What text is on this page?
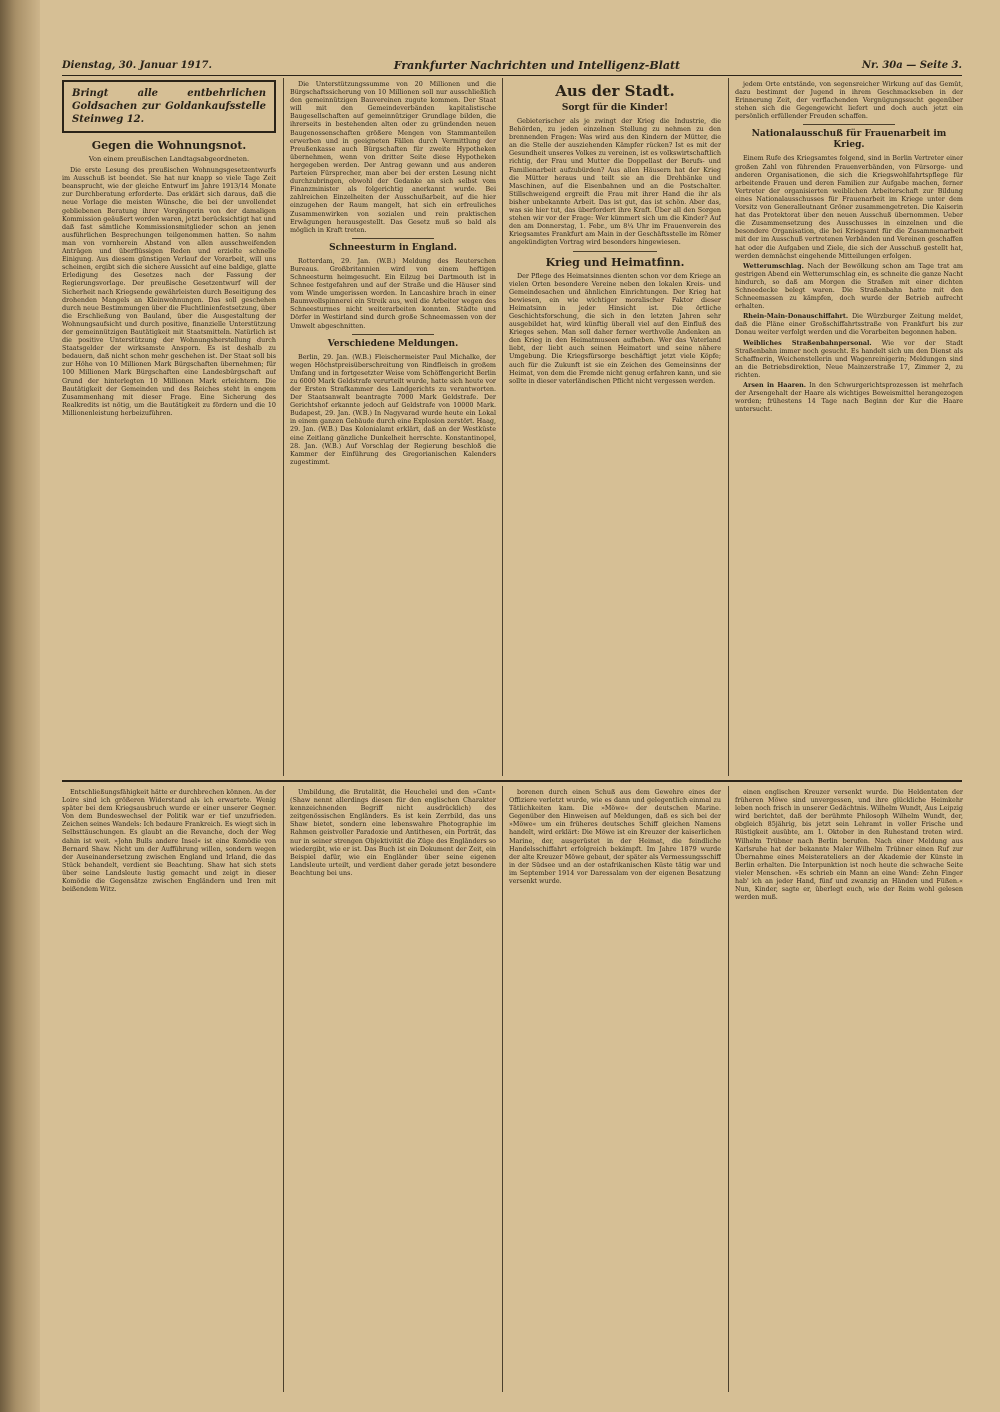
Dienstag, 30. Januar 1917.	Frankfurter Nachrichten und Intelligenz-Blatt	Nr. 30a — Seite 3.
Bringt alle entbehrlichen Goldsachen zur Goldankaufsstelle Steinweg 12.
Gegen die Wohnungsnot.
Von einem preußischen Landtagsabgeordneten.

Die erste Lesung des preußischen Wohnungsgesetzentwurfs im Ausschuß ist beendet. Sie hat nur knapp so viele Tage Zeit beansprucht, wie der gleiche Entwurf im Jahre 1913/14 Monate zur Durchberatung erforderte. Das erklärt sich daraus, daß die neue Vorlage die meisten Wünsche, die bei der unvollendet gebliebenen Beratung ihrer Vorgängerin von der damaligen Kommission geäußert worden waren, jetzt berücksichtigt hat und daß fast sämtliche Kommissionsmitglieder schon an jenen ausführlichen Besprechungen teilgenommen hatten. So nahm man von vornherein Abstand von allen ausschweifenden Anträgen und überflüssigen Reden und erzielte schnelle Einigung. Aus diesem günstigen Verlauf der Vorarbeit, will uns scheinen, ergibt sich die sichere Aussicht auf eine baldige, glatte Erledigung des Gesetzes nach der Fassung der Regierungsvorlage. Der preußische Gesetzentwurf will der Sicherheit nach Kriegsende gewährleisten durch Beseitigung des drohenden Mangels an Kleinwohnungen. Das soll geschehen durch neue Bestimmungen über die Fluchtlinienfestsetzung, über die Erschließung von Bauland, über die Ausgestaltung der Wohnungsaufsicht und durch positive, finanzielle Unterstützung der gemeinnützigen Bautätigkeit mit Staatsmitteln. Natürlich ist die positive Unterstützung der Wohnungsherstellung durch Staatsgelder der wirksamste Ansporn. Es ist deshalb zu bedauern, daß nicht schon mehr geschehen ist. Der Staat soll bis zur Höhe von 10 Millionen Mark Bürgschaften übernehmen; für 100 Millionen Mark Bürgschaften eine Landesbürgschaft auf Grund der hinterlegten 10 Millionen Mark erleichtern. Die Bautätigkeit der Gemeinden und des Reiches steht in engem Zusammenhang mit dieser Frage. Eine Sicherung des Realkredits ist nötig, um die Bautätigkeit zu fördern und die 10 Millionenleistung herbeizuführen.

Die Unterstützungssumme von 20 Millionen und die Bürgschaftssicherung von 10 Millionen soll nur ausschließlich den gemeinnützigen Bauvereinen zugute kommen. Der Staat will mit den Gemeindeverbänden kapitalistische Baugesellschaften auf gemeinnütziger Grundlage bilden, die ihrerseits in bestehenden alten oder zu gründenden neuen Baugenossenschaften größere Mengen von Stammanteilen erwerben und in geeigneten Fällen durch Vermittlung der Preußenkasse auch Bürgschaften für zweite Hypotheken übernehmen, wenn von dritter Seite diese Hypotheken hergegeben werden. Der Antrag gewann und aus anderen Parteien Fürsprecher, man aber bei der ersten Lesung nicht durchzubringen, obwohl der Gedanke an sich selbst vom Finanzminister als folgerichtig anerkannt wurde. Bei zahlreichen Einzelheiten der Ausschußarbeit, auf die hier einzugehen der Raum mangelt, hat sich ein erfreuliches Zusammenwirken von sozialen und rein praktischen Erwägungen herausgestellt. Das Gesetz muß so bald als möglich in Kraft treten.

Schneesturm in England.

Rotterdam, 29. Jan. (W.B.) Meldung des Reuterschen Bureaus. Großbritannien wird von einem heftigen Schneesturm heimgesucht. Ein Eilzug bei Dartmouth ist in Schnee festgefahren und auf der Straße und die Häuser sind vom Winde umgerissen worden. In Lancashire brach in einer Baumwollspinnerei ein Streik aus, weil die Arbeiter wegen des Schneesturmes nicht weiterarbeiten konnten. Städte und Dörfer in Westirland sind durch große Schneemassen von der Umwelt abgeschnitten.

Verschiedene Meldungen.

Berlin, 29. Jan. (W.B.) Fleischermeister Paul Michalke, der wegen Höchstpreisüberschreitung von Rindfleisch in großem Umfang und in fortgesetzter Weise vom Schöffengericht Berlin zu 6000 Mark Geldstrafe verurteilt wurde, hatte sich heute vor der Ersten Strafkammer des Landgerichts zu verantworten. Der Staatsanwalt beantragte 7000 Mark Geldstrafe. Der Gerichtshof erkannte jedoch auf Geldstrafe von 10000 Mark. Budapest, 29. Jan. (W.B.) In Nagyvarad wurde heute ein Lokal in einem ganzen Gebäude durch eine Explosion zerstört. Haag, 29. Jan. (W.B.) Das Kolonialamt erklärt, daß an der Westküste eine Zeitlang gänzliche Dunkelheit herrschte. Konstantinopel, 28. Jan. (W.B.) Auf Vorschlag der Regierung beschloß die Kammer der Einführung des Gregorianischen Kalenders zugestimmt.

Aus der Stadt.
Sorgt für die Kinder!

Gebieterischer als je zwingt der Krieg die Industrie, die Behörden, zu jeden einzelnen Stellung zu nehmen zu den brennenden Fragen: Was wird aus den Kindern der Mütter, die an die Stelle der ausziehenden Kämpfer rücken? Ist es mit der Gesundheit unseres Volkes zu vereinen, ist es volkswirtschaftlich richtig, der Frau und Mutter die Doppellast der Berufs- und Familienarbeit aufzubürden? Aus allen Häusern hat der Krieg die Mütter heraus und teilt sie an die Drehbänke und Maschinen, auf die Eisenbahnen und an die Postschalter. Stillschweigend ergreift die Frau mit ihrer Hand die ihr als bisher unbekannte Arbeit. Das ist gut, das ist schön. Aber das, was sie hier tut, das überfordert ihre Kraft. Über all den Sorgen stehen wir vor der Frage: Wer kümmert sich um die Kinder? Auf den am Donnerstag, 1. Febr., um 8¼ Uhr im Frauenverein des Kriegsamtes Frankfurt am Main in der Geschäftsstelle im Römer angekündigten Vortrag wird besonders hingewiesen.

Krieg und Heimatfinn.

Der Pflege des Heimatsinnes dienten schon vor dem Kriege an vielen Orten besondere Vereine neben den lokalen Kreis- und Gemeindesachen und ähnlichen Einrichtungen. Der Krieg hat bewiesen, ein wie wichtiger moralischer Faktor dieser Heimatsinn in jeder Hinsicht ist. Die örtliche Geschichtsforschung, die sich in den letzten Jahren sehr ausgebildet hat, wird künftig überall viel auf den Einfluß des Krieges sehen. Man soll daher ferner werthvolle Andenken an den Krieg in den Heimatmuseen aufheben. Wer das Vaterland liebt, der liebt auch seinen Heimatort und seine nähere Umgebung. Die Kriegsfürsorge beschäftigt jetzt viele Köpfe; auch für die Zukunft ist sie ein Zeichen des Gemeinsinns der Heimat, von dem die Fremde nicht genug erfahren kann, und sie sollte in dieser vaterländischen Pflicht nicht vergessen werden.

jedem Orte entstände, von segensreicher Wirkung auf das Gemüt, dazu bestimmt der Jugend in ihrem Geschmackseben in der Erinnerung Zeit, der verflachenden Vergnügungssucht gegenüber stehen sich die Gegengewicht liefert und doch auch jetzt ein persönlich erfüllender Freuden schaffen.

Nationalausschuß für Frauenarbeit im Krieg.

Einem Rufe des Kriegsamtes folgend, sind in Berlin Vertreter einer großen Zahl von führenden Frauenverbänden, von Fürsorge- und anderen Organisationen, die sich die Kriegswohlfahrtspflege für arbeitende Frauen und deren Familien zur Aufgabe machen, ferner Vertreter der organisierten weiblichen Arbeiterschaft zur Bildung eines Nationalausschusses für Frauenarbeit im Kriege unter dem Vorsitz von Generalleutnant Gröner zusammengetreten. Die Kaiserin hat das Protektorat über den neuen Ausschuß übernommen. Ueber die Zusammensetzung des Ausschusses in einzelnen und die besondere Organisation, die bei Kriegsamt für die Zusammenarbeit mit der im Ausschuß vertretenen Verbänden und Vereinen geschaffen hat oder die Aufgaben und Ziele, die sich der Ausschuß gestellt hat, werden demnächst eingehende Mitteilungen erfolgen.

Wetterumschlag. Nach der Bewölkung schon am Tage trat am gestrigen Abend ein Wetterumschlag ein, es schneite die ganze Nacht hindurch, so daß am Morgen die Straßen mit einer dichten Schneedecke belegt waren. Die Straßenbahn hatte mit den Schneemassen zu kämpfen, doch wurde der Betrieb aufrecht erhalten.

Rhein-Main-Donauschiffahrt. Die Würzburger Zeitung meldet, daß die Pläne einer Großschiffahrtsstraße von Frankfurt bis zur Donau weiter verfolgt werden und die Vorarbeiten begonnen haben.

Weibliches Straßenbahnpersonal. Wie vor der Stadt Straßenbahn immer noch gesucht. Es handelt sich um den Dienst als Schaffnerin, Weichenstellerin und Wagenreinigerin; Meldungen sind an die Betriebsdirektion, Neue Mainzerstraße 17, Zimmer 2, zu richten.

Arsen in Haaren. In den Schwurgerichtsprozessen ist mehrfach der Arsengehalt der Haare als wichtiges Beweismittel herangezogen worden; frühestens 14 Tage nach Beginn der Kur die Haare untersucht.

Entschließungsfähigkeit hätte er durchbrechen können. An der Loire sind ich größeren Widerstand als ich erwartete. Wenig später bei dem Kriegsausbruch wurde er einer unserer Gegner. Von dem Bundeswechsel der Politik war er tief unzufrieden. Zeichen seines Wandels: Ich bedaure Frankreich. Es wiegt sich in Selbsttäuschungen. Es glaubt an die Revanche, doch der Weg dahin ist weit. »John Bulls andere Insel« ist eine Komödie von Bernard Shaw. Nicht um der Aufführung willen, sondern wegen der Auseinandersetzung zwischen England und Irland, die das Stück behandelt, verdient sie Beachtung. Shaw hat sich stets über seine Landsleute lustig gemacht und zeigt in dieser Komödie die Gegensätze zwischen Engländern und Iren mit beißendem Witz.

Umbildung, die Brutalität, die Heuchelei und den »Cant« (Shaw nennt allerdings diesen für den englischen Charakter kennzeichnenden Begriff nicht ausdrücklich) des zeitgenössischen Engländers. Es ist kein Zerrbild, das uns Shaw bietet, sondern eine lebenswahre Photographie im Rahmen geistvoller Paradoxie und Antithesen, ein Porträt, das nur in seiner strengen Objektivität die Züge des Engländers so wiedergibt, wie er ist. Das Buch ist ein Dokument der Zeit, ein Beispiel dafür, wie ein Engländer über seine eigenen Landsleute urteilt, und verdient daher gerade jetzt besondere Beachtung bei uns.

borenen durch einen Schuß aus dem Gewehre eines der Offiziere verletzt wurde, wie es dann und gelegentlich einmal zu Tätlichkeiten kam. Die »Möwe« der deutschen Marine. Gegenüber den Hinweisen auf Meldungen, daß es sich bei der »Möwe« um ein früheres deutsches Schiff gleichen Namens handelt, wird erklärt: Die Möwe ist ein Kreuzer der kaiserlichen Marine, der, ausgerüstet in der Heimat, die feindliche Handelsschiffahrt erfolgreich bekämpft. Im Jahre 1879 wurde der alte Kreuzer Möwe gebaut, der später als Vermessungsschiff in der Südsee und an der ostafrikanischen Küste tätig war und im September 1914 vor Daressalam von der eigenen Besatzung versenkt wurde.

einen englischen Kreuzer versenkt wurde. Die Heldentaten der früheren Möwe sind unvergessen, und ihre glückliche Heimkehr leben noch frisch in unserer Gedächtnis. Wilhelm Wundt, Aus Leipzig wird berichtet, daß der berühmte Philosoph Wilhelm Wundt, der, obgleich 85jährig, bis jetzt sein Lehramt in voller Frische und Rüstigkeit ausübte, am 1. Oktober in den Ruhestand treten wird. Wilhelm Trübner nach Berlin berufen. Nach einer Meldung aus Karlsruhe hat der bekannte Maler Wilhelm Trübner einen Ruf zur Übernahme eines Meisterateliers an der Akademie der Künste in Berlin erhalten. Die Interpunktion ist noch heute die schwache Seite vieler Menschen. »Es schrieb ein Mann an eine Wand: Zehn Finger hab' ich an jeder Hand, fünf und zwanzig an Händen und Füßen.« Nun, Kinder, sagte er, überlegt euch, wie der Reim wohl gelesen werden muß.
